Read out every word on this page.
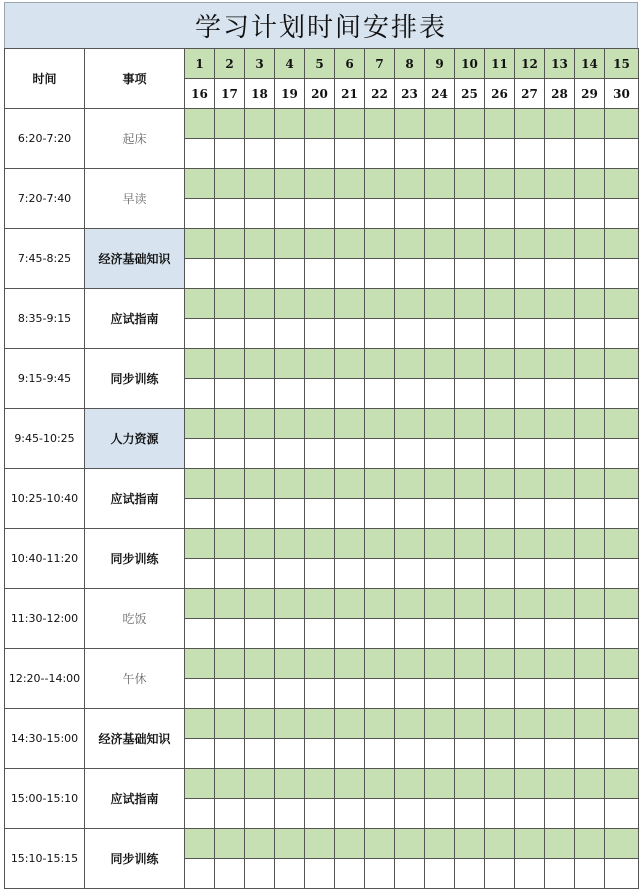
学习计划时间安排表
时间	事项	1	2	3	4	5	6	7	8	9	10	11	12	13	14	15
		16	17	18	19	20	21	22	23	24	25	26	27	28	29	30
6:20-7:20	起床															

7:20-7:40	早读															

7:45-8:25	经济基础知识															

8:35-9:15	应试指南															

9:15-9:45	同步训练															

9:45-10:25	人力资源															

10:25-10:40	应试指南															

10:40-11:20	同步训练															

11:30-12:00	吃饭															

12:20--14:00	午休															

14:30-15:00	经济基础知识															

15:00-15:10	应试指南															

15:10-15:15	同步训练															
